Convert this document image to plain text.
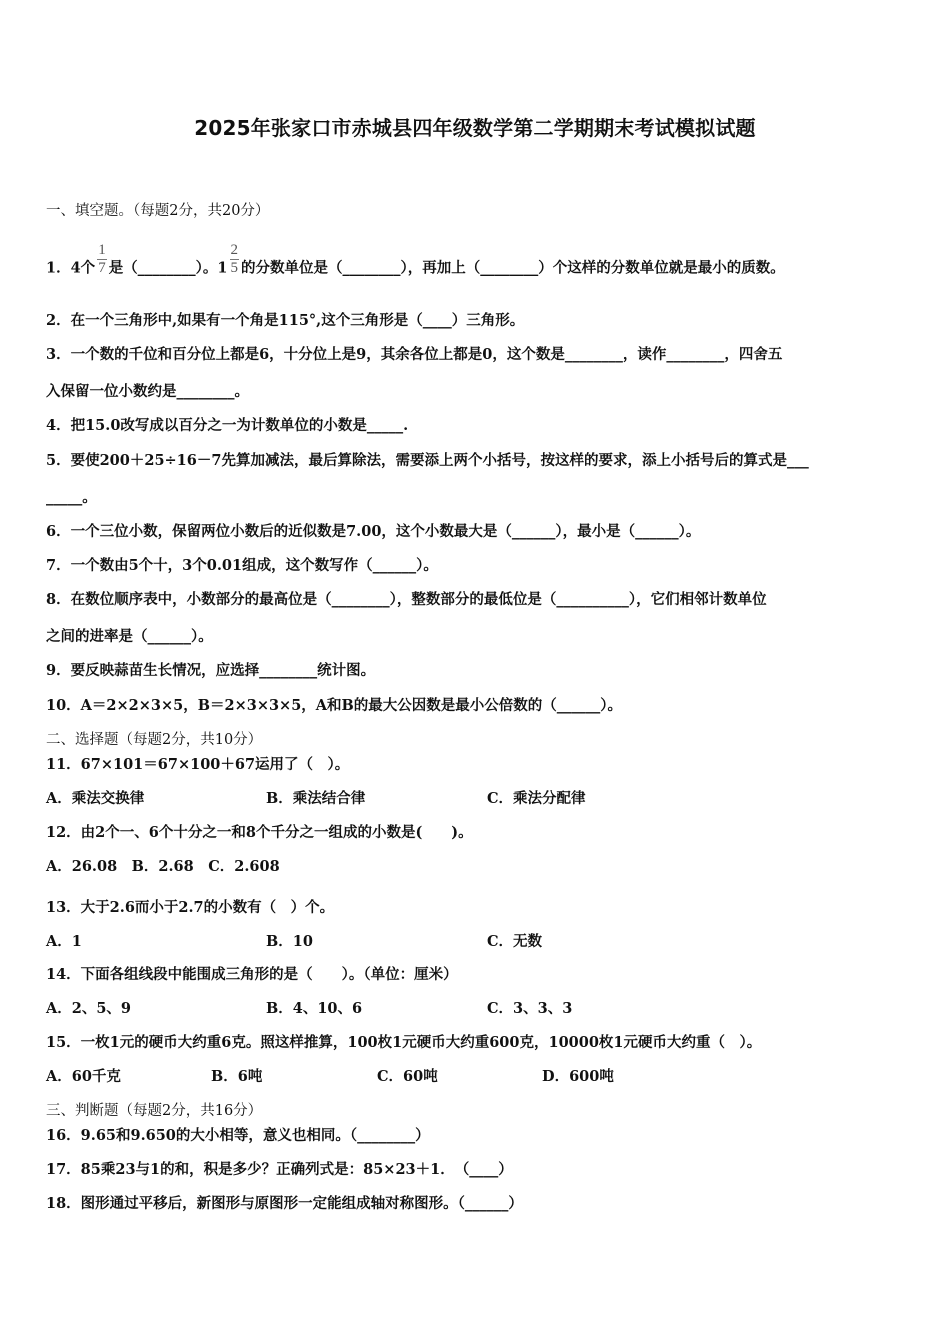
2025年张家口市赤城县四年级数学第二学期期末考试模拟试题
一、填空题。（每题2分，共20分）
1．4个 $\frac{1}{7}$ 是（________）。$1 \frac{2}{5}$ 的分数单位是（________），再加上（________）个这样的分数单位就是最小的质数。
2．在一个三角形中,如果有一个角是115°,这个三角形是（____）三角形。
3．一个数的千位和百分位上都是6，十分位上是9，其余各位上都是0，这个数是________，读作________，四舍五
入保留一位小数约是________。
4．把15.0改写成以百分之一为计数单位的小数是_____.
5．要使200＋25÷16－7先算加减法，最后算除法，需要添上两个小括号，按这样的要求，添上小括号后的算式是___
_____。
6．一个三位小数，保留两位小数后的近似数是7.00，这个小数最大是（______），最小是（______）。
7．一个数由5个十，3个0.01组成，这个数写作（______）。
8．在数位顺序表中，小数部分的最高位是（________），整数部分的最低位是（__________），它们相邻计数单位
之间的进率是（______）。
9．要反映蒜苗生长情况，应选择________统计图。
10．A＝2×2×3×5，B＝2×3×3×5，A和B的最大公因数是最小公倍数的（______）。
二、选择题（每题2分，共10分）
11．67×101＝67×100＋67运用了（　）。
A．乘法交换律	B．乘法结合律	C．乘法分配律
12．由2个一、6个十分之一和8个千分之一组成的小数是(　　)。
A．26.08　B．2.68　C．2.608
13．大于2.6而小于2.7的小数有（　）个。
A．1	B．10	C．无数
14．下面各组线段中能围成三角形的是（　　）。（单位：厘米）
A．2、5、9	B．4、10、6	C．3、3、3
15．一枚1元的硬币大约重6克。照这样推算，100枚1元硬币大约重600克，10000枚1元硬币大约重（　）。
A．60千克	B．6吨	C．60吨	D．600吨
三、判断题（每题2分，共16分）
16．9.65和9.650的大小相等，意义也相同。（________）
17．85乘23与1的和，积是多少？正确列式是：85×23＋1．　（____）
18．图形通过平移后，新图形与原图形一定能组成轴对称图形。（______）
